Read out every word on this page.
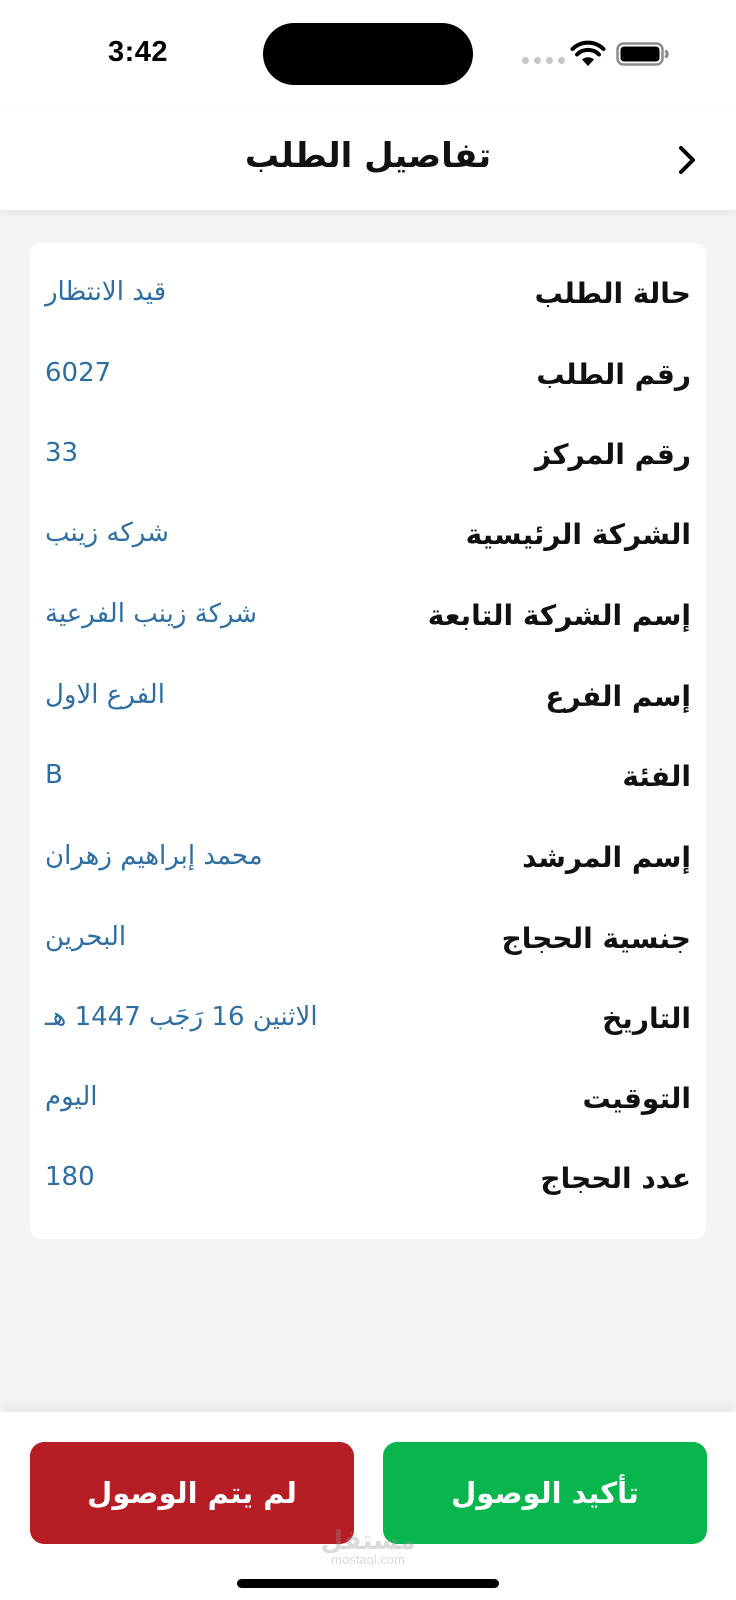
3:42
تفاصيل الطلب
حالة الطلب
قيد الانتظار
رقم الطلب
6027
رقم المركز
33
الشركة الرئيسية
شركه زينب
إسم الشركة التابعة
شركة زينب الفرعية
إسم الفرع
الفرع الاول
الفئة
B
إسم المرشد
محمد إبراهيم زهران
جنسية الحجاج
البحرين
التاريخ
الاثنين 16 رَجَب 1447 هـ
التوقيت
اليوم
عدد الحجاج
180
لم يتم الوصول	تأكيد الوصول
مستقل
mostaql.com
